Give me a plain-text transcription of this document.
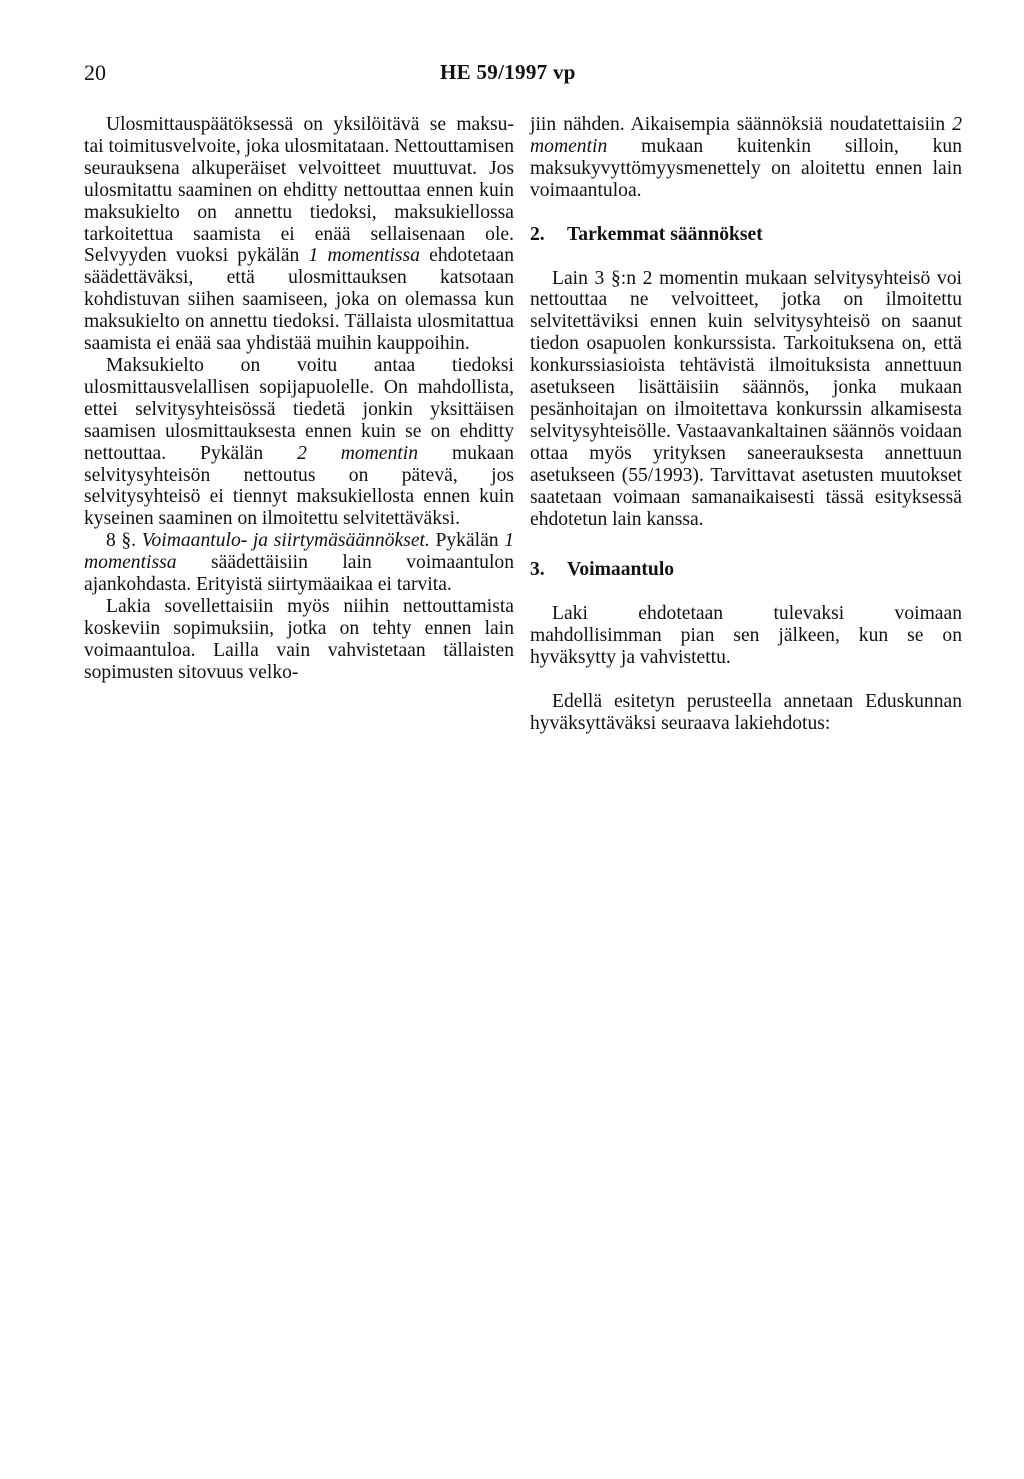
20	HE 59/1997 vp

Ulosmittauspäätöksessä on yksilöitävä se maksu- tai toimitusvelvoite, joka ulosmitataan. Nettouttamisen seurauksena alkuperäiset velvoitteet muuttuvat. Jos ulosmitattu saaminen on ehditty nettouttaa ennen kuin maksukielto on annettu tiedoksi, maksukiellossa tarkoitettua saamista ei enää sellaisenaan ole. Selvyyden vuoksi pykälän 1 momentissa ehdotetaan säädettäväksi, että ulosmittauksen katsotaan kohdistuvan siihen saamiseen, joka on olemassa kun maksukielto on annettu tiedoksi. Tällaista ulosmitattua saamista ei enää saa yhdistää muihin kauppoihin.

Maksukielto on voitu antaa tiedoksi ulosmittausvelallisen sopijapuolelle. On mahdollista, ettei selvitysyhteisössä tiedetä jonkin yksittäisen saamisen ulosmittauksesta ennen kuin se on ehditty nettouttaa. Pykälän 2 momentin mukaan selvitysyhteisön nettoutus on pätevä, jos selvitysyhteisö ei tiennyt maksukiellosta ennen kuin kyseinen saaminen on ilmoitettu selvitettäväksi.

8 §. Voimaantulo- ja siirtymäsäännökset. Pykälän 1 momentissa säädettäisiin lain voimaantulon ajankohdasta. Erityistä siirtymäaikaa ei tarvita.

Lakia sovellettaisiin myös niihin nettouttamista koskeviin sopimuksiin, jotka on tehty ennen lain voimaantuloa. Lailla vain vahvistetaan tällaisten sopimusten sitovuus velko-

jiin nähden. Aikaisempia säännöksiä noudatettaisiin 2 momentin mukaan kuitenkin silloin, kun maksukyvyttömyysmenettely on aloitettu ennen lain voimaantuloa.

2. Tarkemmat säännökset

Lain 3 §:n 2 momentin mukaan selvitysyhteisö voi nettouttaa ne velvoitteet, jotka on ilmoitettu selvitettäviksi ennen kuin selvitysyhteisö on saanut tiedon osapuolen konkurssista. Tarkoituksena on, että konkurssiasioista tehtävistä ilmoituksista annettuun asetukseen lisättäisiin säännös, jonka mukaan pesänhoitajan on ilmoitettava konkurssin alkamisesta selvitysyhteisölle. Vastaavankaltainen säännös voidaan ottaa myös yrityksen saneerauksesta annettuun asetukseen (55/1993). Tarvittavat asetusten muutokset saatetaan voimaan samanaikaisesti tässä esityksessä ehdotetun lain kanssa.

3. Voimaantulo

Laki ehdotetaan tulevaksi voimaan mahdollisimman pian sen jälkeen, kun se on hyväksytty ja vahvistettu.

Edellä esitetyn perusteella annetaan Eduskunnan hyväksyttäväksi seuraava lakiehdotus:
